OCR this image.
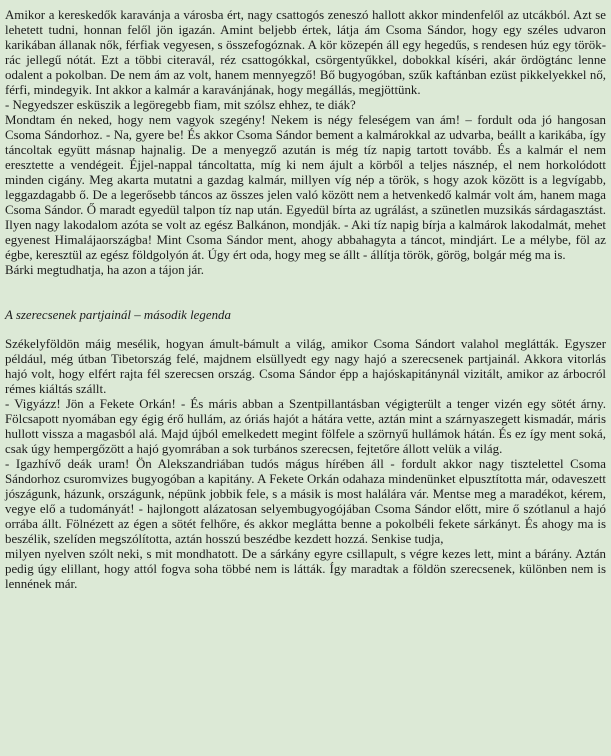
Amikor a kereskedők karavánja a városba ért, nagy csattogós zeneszó hallott akkor mindenfelől az utcákból. Azt se lehetett tudni, honnan felől jön igazán. Amint beljebb értek, látja ám Csoma Sándor, hogy egy széles udvaron karikában állanak nők, férfiak vegyesen, s összefogóznak. A kör közepén áll egy hegedűs, s rendesen húz egy török-rác jellegű nótát. Ezt a többi citeravál, réz csattogókkal, csörgentyűkkel, dobokkal kíséri, akár ördögtánc lenne odalent a pokolban. De nem ám az volt, hanem mennyegző! Bő bugyogóban, szűk kaftánban ezüst pikkelyekkel nő, férfi, mindegyik. Int akkor a kalmár a karavánjának, hogy megállás, megjöttünk.

- Negyedszer esküszik a legöregebb fiam, mit szólsz ehhez, te diák?

Mondtam én neked, hogy nem vagyok szegény! Nekem is négy feleségem van ám! – fordult oda jó hangosan Csoma Sándorhoz. - Na, gyere be! És akkor Csoma Sándor bement a kalmárokkal az udvarba, beállt a karikába, így táncoltak együtt másnap hajnalig. De a menyegző azután is még tíz napig tartott tovább. És a kalmár el nem eresztette a vendégeit. Éjjel-nappal táncoltatta, míg ki nem ájult a körből a teljes násznép, el nem horkolódott minden cigány. Meg akarta mutatni a gazdag kalmár, millyen víg nép a török, s hogy azok között is a legvígabb, leggazdagabb ő. De a legerősebb táncos az összes jelen való között nem a hetvenkedő kalmár volt ám, hanem maga Csoma Sándor. Ő maradt egyedül talpon tíz nap után. Egyedül bírta az ugrálást, a szünetlen muzsikás sárdagasztást. Ilyen nagy lakodalom azóta se volt az egész Balkánon, mondják. - Aki tíz napig bírja a kalmárok lakodalmát, mehet egyenest Himalájaországba! Mint Csoma Sándor ment, ahogy abbahagyta a táncot, mindjárt. Le a mélybe, föl az égbe, keresztül az egész földgolyón át. Úgy ért oda, hogy meg se állt - állítja török, görög, bolgár még ma is.

Bárki megtudhatja, ha azon a tájon jár.

A szerecsenek partjainál – második legenda

Székelyföldön máig mesélik, hogyan ámult-bámult a világ, amikor Csoma Sándort valahol meglátták. Egyszer például, még útban Tibetország felé, majdnem elsüllyedt egy nagy hajó a szerecsenek partjainál. Akkora vitorlás hajó volt, hogy elfért rajta fél szerecsen ország. Csoma Sándor épp a hajóskapitánynál vizitált, amikor az árbocról rémes kiáltás szállt.

- Vigyázz! Jön a Fekete Orkán! - És máris abban a Szentpillantásban végigterült a tenger vizén egy sötét árny. Fölcsapott nyomában egy égig érő hullám, az óriás hajót a hátára vette, aztán mint a szárnyaszegett kismadár, máris hullott vissza a magasból alá. Majd újból emelkedett megint fölfele a szörnyű hullámok hátán. És ez így ment soká, csak úgy hempergőzött a hajó gyomrában a sok turbános szerecsen, fejtetőre állott velük a világ.

- Igazhívő deák uram! Ön Alekszandriában tudós mágus hírében áll - fordult akkor nagy tisztelettel Csoma Sándorhoz csuromvizes bugyogóban a kapitány. A Fekete Orkán odahaza mindenünket elpusztította már, odaveszett jószágunk, házunk, országunk, népünk jobbik fele, s a másik is most halálára vár. Mentse meg a maradékot, kérem, vegye elő a tudományát! - hajlongott alázatosan selyembugyogójában Csoma Sándor előtt, mire ő szótlanul a hajó orrába állt. Fölnézett az égen a sötét felhőre, és akkor meglátta benne a pokolbéli fekete sárkányt. És ahogy ma is beszélik, szelíden megszólította, aztán hosszú beszédbe kezdett hozzá. Senkise tudja,

milyen nyelven szólt neki, s mit mondhatott. De a sárkány egyre csillapult, s végre kezes lett, mint a bárány. Aztán pedig úgy elillant, hogy attól fogva soha többé nem is látták. Így maradtak a földön szerecsenek, különben nem is lennének már.
